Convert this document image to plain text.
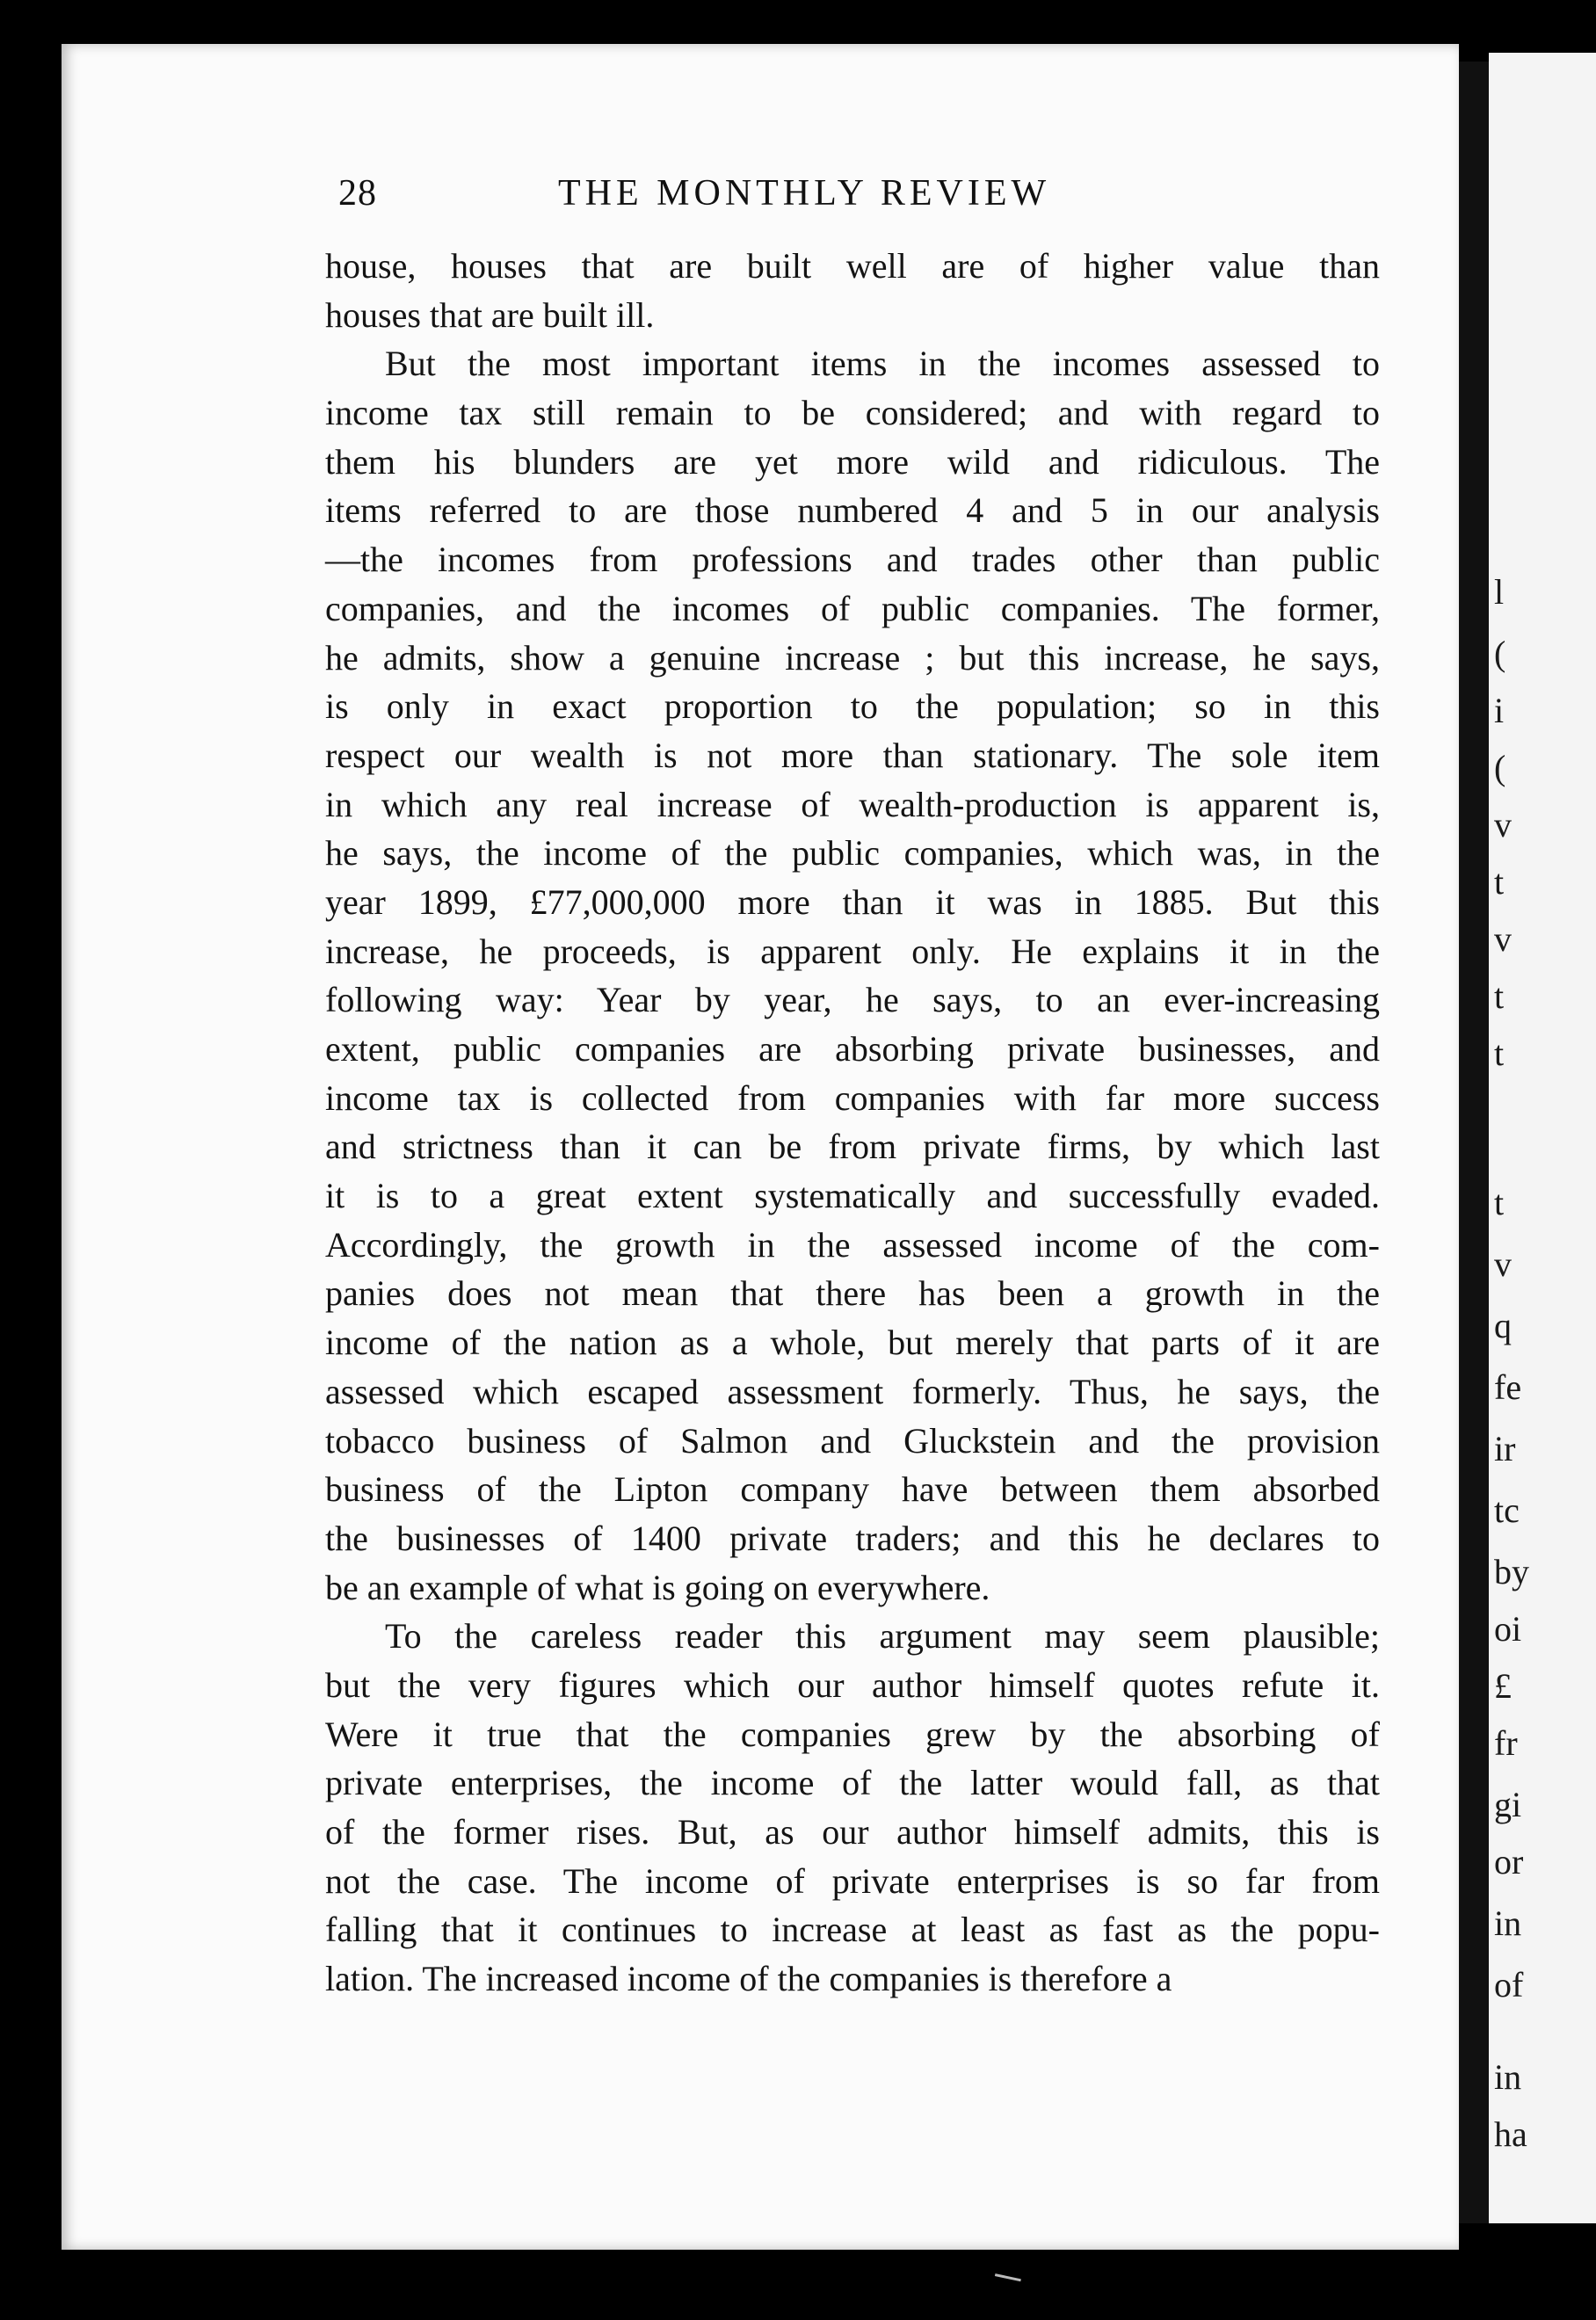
l
(
i
(
v
t
v
t
t
t
v
q
fe
ir
tc
by
oi
£
fr
gi
or
in
of
in
ha
28	THE MONTHLY REVIEW
house, houses that are built well are of higher value than
houses that are built ill.
But the most important items in the incomes assessed to
income tax still remain to be considered; and with regard to
them his blunders are yet more wild and ridiculous. The
items referred to are those numbered 4 and 5 in our analysis
—the incomes from professions and trades other than public
companies, and the incomes of public companies. The former,
he admits, show a genuine increase ; but this increase, he says,
is only in exact proportion to the population; so in this
respect our wealth is not more than stationary. The sole item
in which any real increase of wealth-production is apparent is,
he says, the income of the public companies, which was, in the
year 1899, £77,000,000 more than it was in 1885. But this
increase, he proceeds, is apparent only. He explains it in the
following way: Year by year, he says, to an ever-increasing
extent, public companies are absorbing private businesses, and
income tax is collected from companies with far more success
and strictness than it can be from private firms, by which last
it is to a great extent systematically and successfully evaded.
Accordingly, the growth in the assessed income of the com-
panies does not mean that there has been a growth in the
income of the nation as a whole, but merely that parts of it are
assessed which escaped assessment formerly. Thus, he says, the
tobacco business of Salmon and Gluckstein and the provision
business of the Lipton company have between them absorbed
the businesses of 1400 private traders; and this he declares to
be an example of what is going on everywhere.
To the careless reader this argument may seem plausible;
but the very figures which our author himself quotes refute it.
Were it true that the companies grew by the absorbing of
private enterprises, the income of the latter would fall, as that
of the former rises. But, as our author himself admits, this is
not the case. The income of private enterprises is so far from
falling that it continues to increase at least as fast as the popu-
lation. The increased income of the companies is therefore a
